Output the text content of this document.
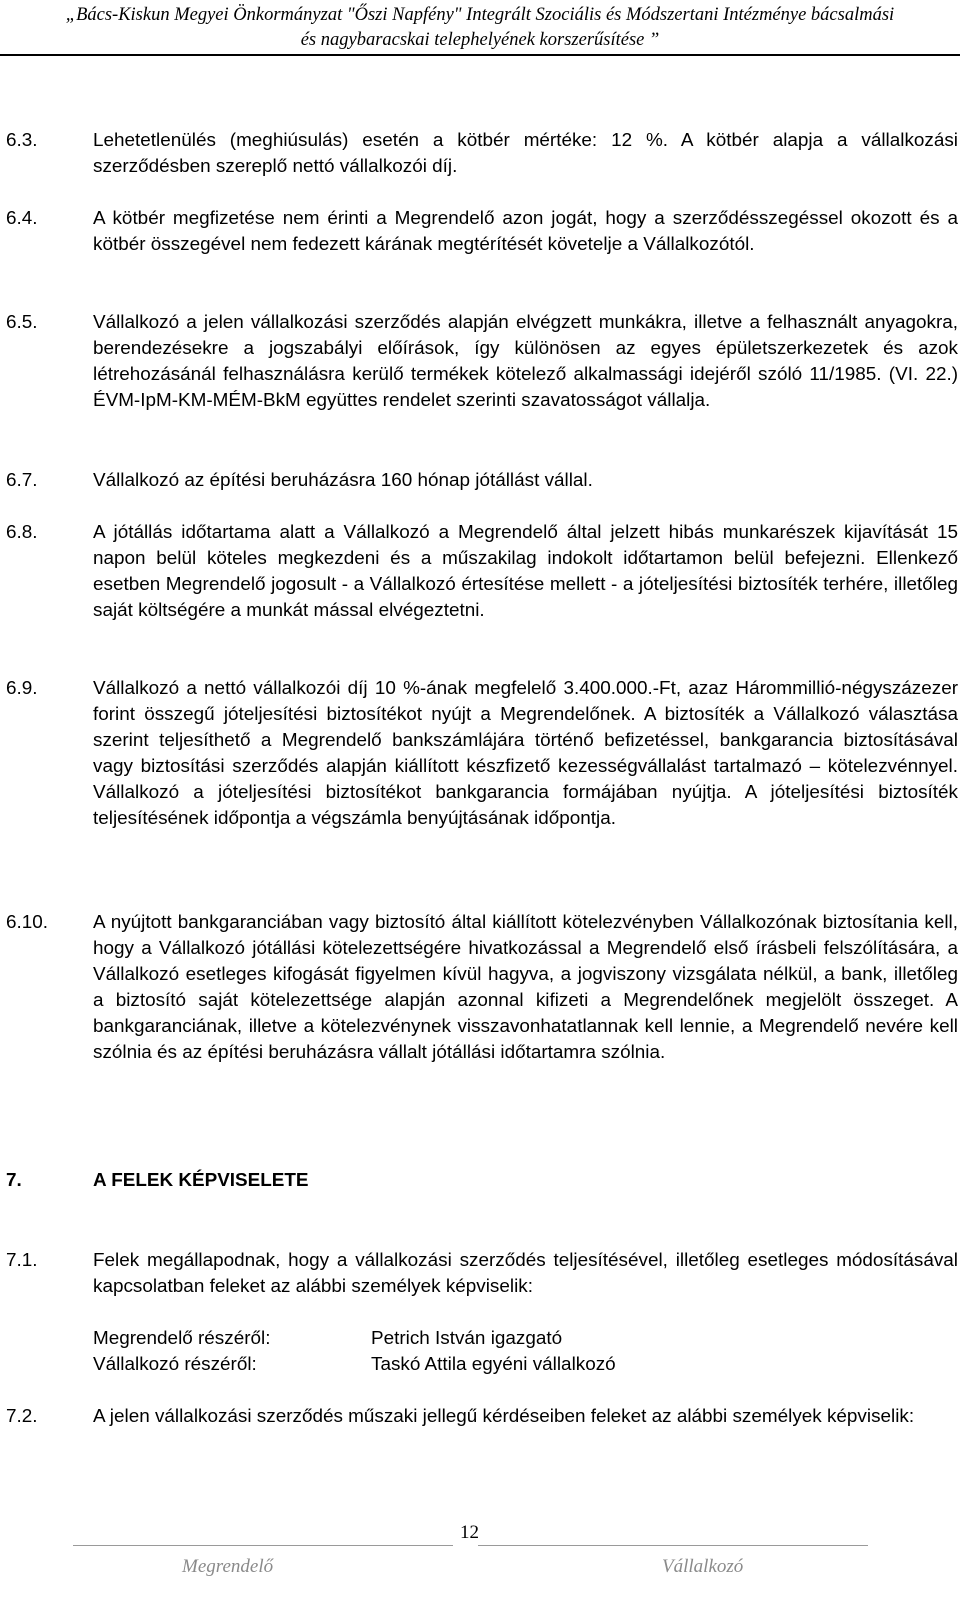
„Bács-Kiskun Megyei Önkormányzat "Őszi Napfény" Integrált Szociális és Módszertani Intézménye bácsalmási
és nagybaracskai telephelyének korszerűsítése ”
6.3.	Lehetetlenülés (meghiúsulás) esetén a kötbér mértéke: 12 %. A kötbér alapja a vállalkozási szerződésben szereplő nettó vállalkozói díj.
6.4.	A kötbér megfizetése nem érinti a Megrendelő azon jogát, hogy a szerződésszegéssel okozott és a kötbér összegével nem fedezett kárának megtérítését követelje a Vállalkozótól.
6.5.	Vállalkozó a jelen vállalkozási szerződés alapján elvégzett munkákra, illetve a felhasznált anyagokra, berendezésekre a jogszabályi előírások, így különösen az egyes épületszerkezetek és azok létrehozásánál felhasználásra kerülő termékek kötelező alkalmassági idejéről szóló 11/1985. (VI. 22.) ÉVM-IpM-KM-MÉM-BkM együttes rendelet szerinti szavatosságot vállalja.
6.7.	Vállalkozó az építési beruházásra 160 hónap jótállást vállal.
6.8.	A jótállás időtartama alatt a Vállalkozó a Megrendelő által jelzett hibás munkarészek kijavítását 15 napon belül köteles megkezdeni és a műszakilag indokolt időtartamon belül befejezni. Ellenkező esetben Megrendelő jogosult - a Vállalkozó értesítése mellett - a jóteljesítési biztosíték terhére, illetőleg saját költségére a munkát mással elvégeztetni.
6.9.	Vállalkozó a nettó vállalkozói díj 10 %-ának megfelelő 3.400.000.-Ft, azaz Hárommillió-négyszázezer forint összegű jóteljesítési biztosítékot nyújt a Megrendelőnek. A biztosíték a Vállalkozó választása szerint teljesíthető a Megrendelő bankszámlájára történő befizetéssel, bankgarancia biztosításával vagy biztosítási szerződés alapján kiállított készfizető kezességvállalást tartalmazó – kötelezvénnyel. Vállalkozó a jóteljesítési biztosítékot bankgarancia formájában nyújtja. A jóteljesítési biztosíték teljesítésének időpontja a végszámla benyújtásának időpontja.
6.10. A nyújtott bankgaranciában vagy biztosító által kiállított kötelezvényben Vállalkozónak biztosítania kell, hogy a Vállalkozó jótállási kötelezettségére hivatkozással a Megrendelő első írásbeli felszólítására, a Vállalkozó esetleges kifogását figyelmen kívül hagyva, a jogviszony vizsgálata nélkül, a bank, illetőleg a biztosító saját kötelezettsége alapján azonnal kifizeti a Megrendelőnek megjelölt összeget. A bankgaranciának, illetve a kötelezvénynek visszavonhatatlannak kell lennie, a Megrendelő nevére kell szólnia és az építési beruházásra vállalt jótállási időtartamra szólnia.
7.	A FELEK KÉPVISELETE
7.1.	Felek megállapodnak, hogy a vállalkozási szerződés teljesítésével, illetőleg esetleges módosításával kapcsolatban feleket az alábbi személyek képviselik:
Megrendelő részéről:	Petrich István igazgató
Vállalkozó részéről:	Taskó Attila egyéni vállalkozó
7.2.	A jelen vállalkozási szerződés műszaki jellegű kérdéseiben feleket az alábbi személyek képviselik:
12
Megrendelő	Vállalkozó
